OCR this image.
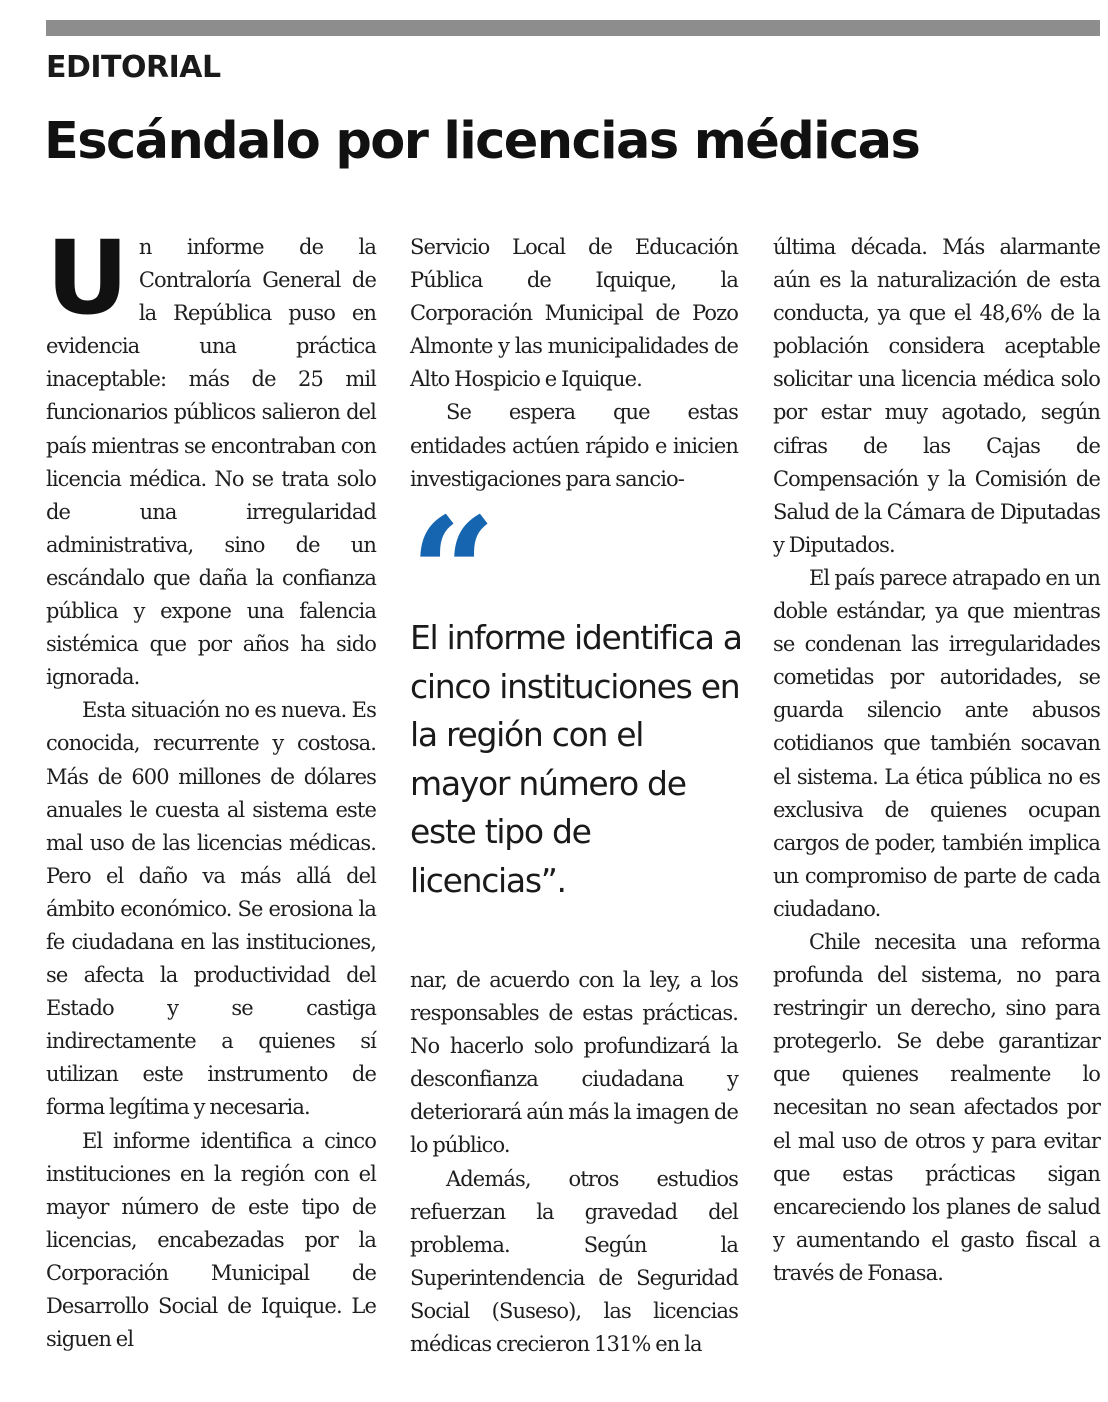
EDITORIAL
Escándalo por licencias médicas

Un informe de la Contraloría General de la República puso en evidencia una práctica inaceptable: más de 25 mil funcionarios públicos salieron del país mientras se encontraban con licencia médica. No se trata solo de una irregularidad administrativa, sino de un escándalo que daña la confianza pública y expone una falencia sistémica que por años ha sido ignorada.

Esta situación no es nueva. Es conocida, recurrente y costosa. Más de 600 millones de dólares anuales le cuesta al sistema este mal uso de las licencias médicas. Pero el daño va más allá del ámbito económico. Se erosiona la fe ciudadana en las instituciones, se afecta la productividad del Estado y se castiga indirectamente a quienes sí utilizan este instrumento de forma legítima y necesaria.

El informe identifica a cinco instituciones en la región con el mayor número de este tipo de licencias, encabezadas por la Corporación Municipal de Desarrollo Social de Iquique. Le siguen el

Servicio Local de Educación Pública de Iquique, la Corporación Municipal de Pozo Almonte y las municipalidades de Alto Hospicio e Iquique.

Se espera que estas entidades actúen rápido e inicien investigaciones para sancio-

“
El informe identifica a cinco instituciones en la región con el mayor número de este tipo de licencias”.

nar, de acuerdo con la ley, a los responsables de estas prácticas. No hacerlo solo profundizará la desconfianza ciudadana y deteriorará aún más la imagen de lo público.

Además, otros estudios refuerzan la gravedad del problema. Según la Superintendencia de Seguridad Social (Suseso), las licencias médicas crecieron 131% en la

última década. Más alarmante aún es la naturalización de esta conducta, ya que el 48,6% de la población considera aceptable solicitar una licencia médica solo por estar muy agotado, según cifras de las Cajas de Compensación y la Comisión de Salud de la Cámara de Diputadas y Diputados.

El país parece atrapado en un doble estándar, ya que mientras se condenan las irregularidades cometidas por autoridades, se guarda silencio ante abusos cotidianos que también socavan el sistema. La ética pública no es exclusiva de quienes ocupan cargos de poder, también implica un compromiso de parte de cada ciudadano.

Chile necesita una reforma profunda del sistema, no para restringir un derecho, sino para protegerlo. Se debe garantizar que quienes realmente lo necesitan no sean afectados por el mal uso de otros y para evitar que estas prácticas sigan encareciendo los planes de salud y aumentando el gasto fiscal a través de Fonasa.
